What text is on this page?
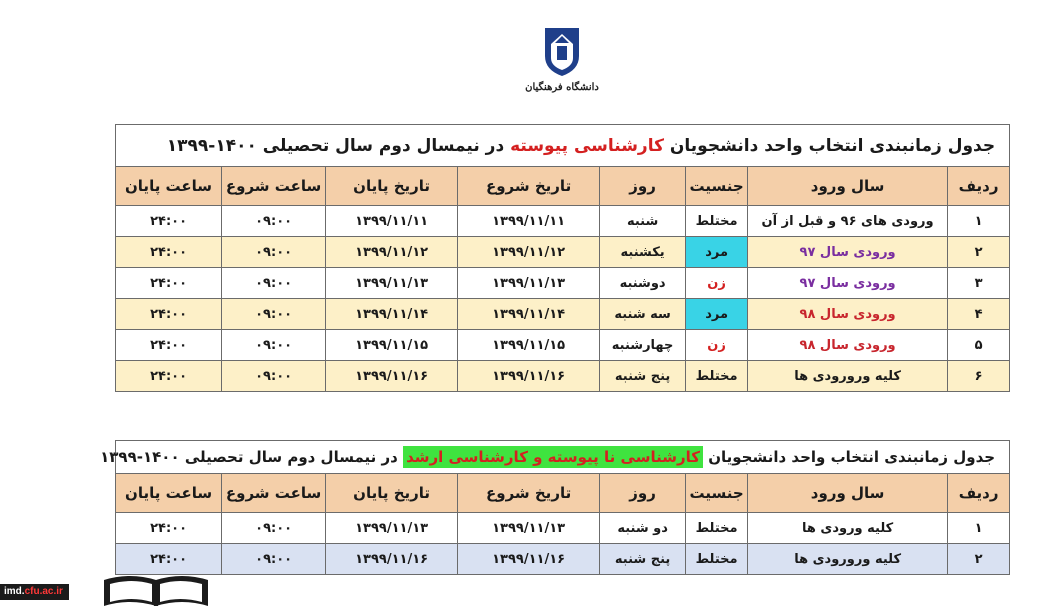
دانشگاه فرهنگیان
جدول زمانبندی انتخاب واحد دانشجویان کارشناسی پیوسته در نیمسال دوم سال تحصیلی ۱۴۰۰-۱۳۹۹							
ردیف	سال ورود	جنسیت	روز	تاریخ شروع	تاریخ پایان	ساعت شروع	ساعت پایان
۱	ورودی های ۹۶ و قبل از آن	مختلط	شنبه	۱۳۹۹/۱۱/۱۱	۱۳۹۹/۱۱/۱۱	۰۹:۰۰	۲۴:۰۰
۲	ورودی سال ۹۷	مرد	یکشنبه	۱۳۹۹/۱۱/۱۲	۱۳۹۹/۱۱/۱۲	۰۹:۰۰	۲۴:۰۰
۳	ورودی سال ۹۷	زن	دوشنبه	۱۳۹۹/۱۱/۱۳	۱۳۹۹/۱۱/۱۳	۰۹:۰۰	۲۴:۰۰
۴	ورودی سال ۹۸	مرد	سه شنبه	۱۳۹۹/۱۱/۱۴	۱۳۹۹/۱۱/۱۴	۰۹:۰۰	۲۴:۰۰
۵	ورودی سال ۹۸	زن	چهارشنبه	۱۳۹۹/۱۱/۱۵	۱۳۹۹/۱۱/۱۵	۰۹:۰۰	۲۴:۰۰
۶	کلیه ورورودی ها	مختلط	پنج شنبه	۱۳۹۹/۱۱/۱۶	۱۳۹۹/۱۱/۱۶	۰۹:۰۰	۲۴:۰۰
جدول زمانبندی انتخاب واحد دانشجویان کارشناسی نا پیوسته و کارشناسی ارشد در نیمسال دوم سال تحصیلی ۱۴۰۰-۱۳۹۹							
ردیف	سال ورود	جنسیت	روز	تاریخ شروع	تاریخ پایان	ساعت شروع	ساعت پایان
۱	کلیه ورودی ها	مختلط	دو شنبه	۱۳۹۹/۱۱/۱۳	۱۳۹۹/۱۱/۱۳	۰۹:۰۰	۲۴:۰۰
۲	کلیه ورورودی ها	مختلط	پنج شنبه	۱۳۹۹/۱۱/۱۶	۱۳۹۹/۱۱/۱۶	۰۹:۰۰	۲۴:۰۰
imd.cfu.ac.ir
